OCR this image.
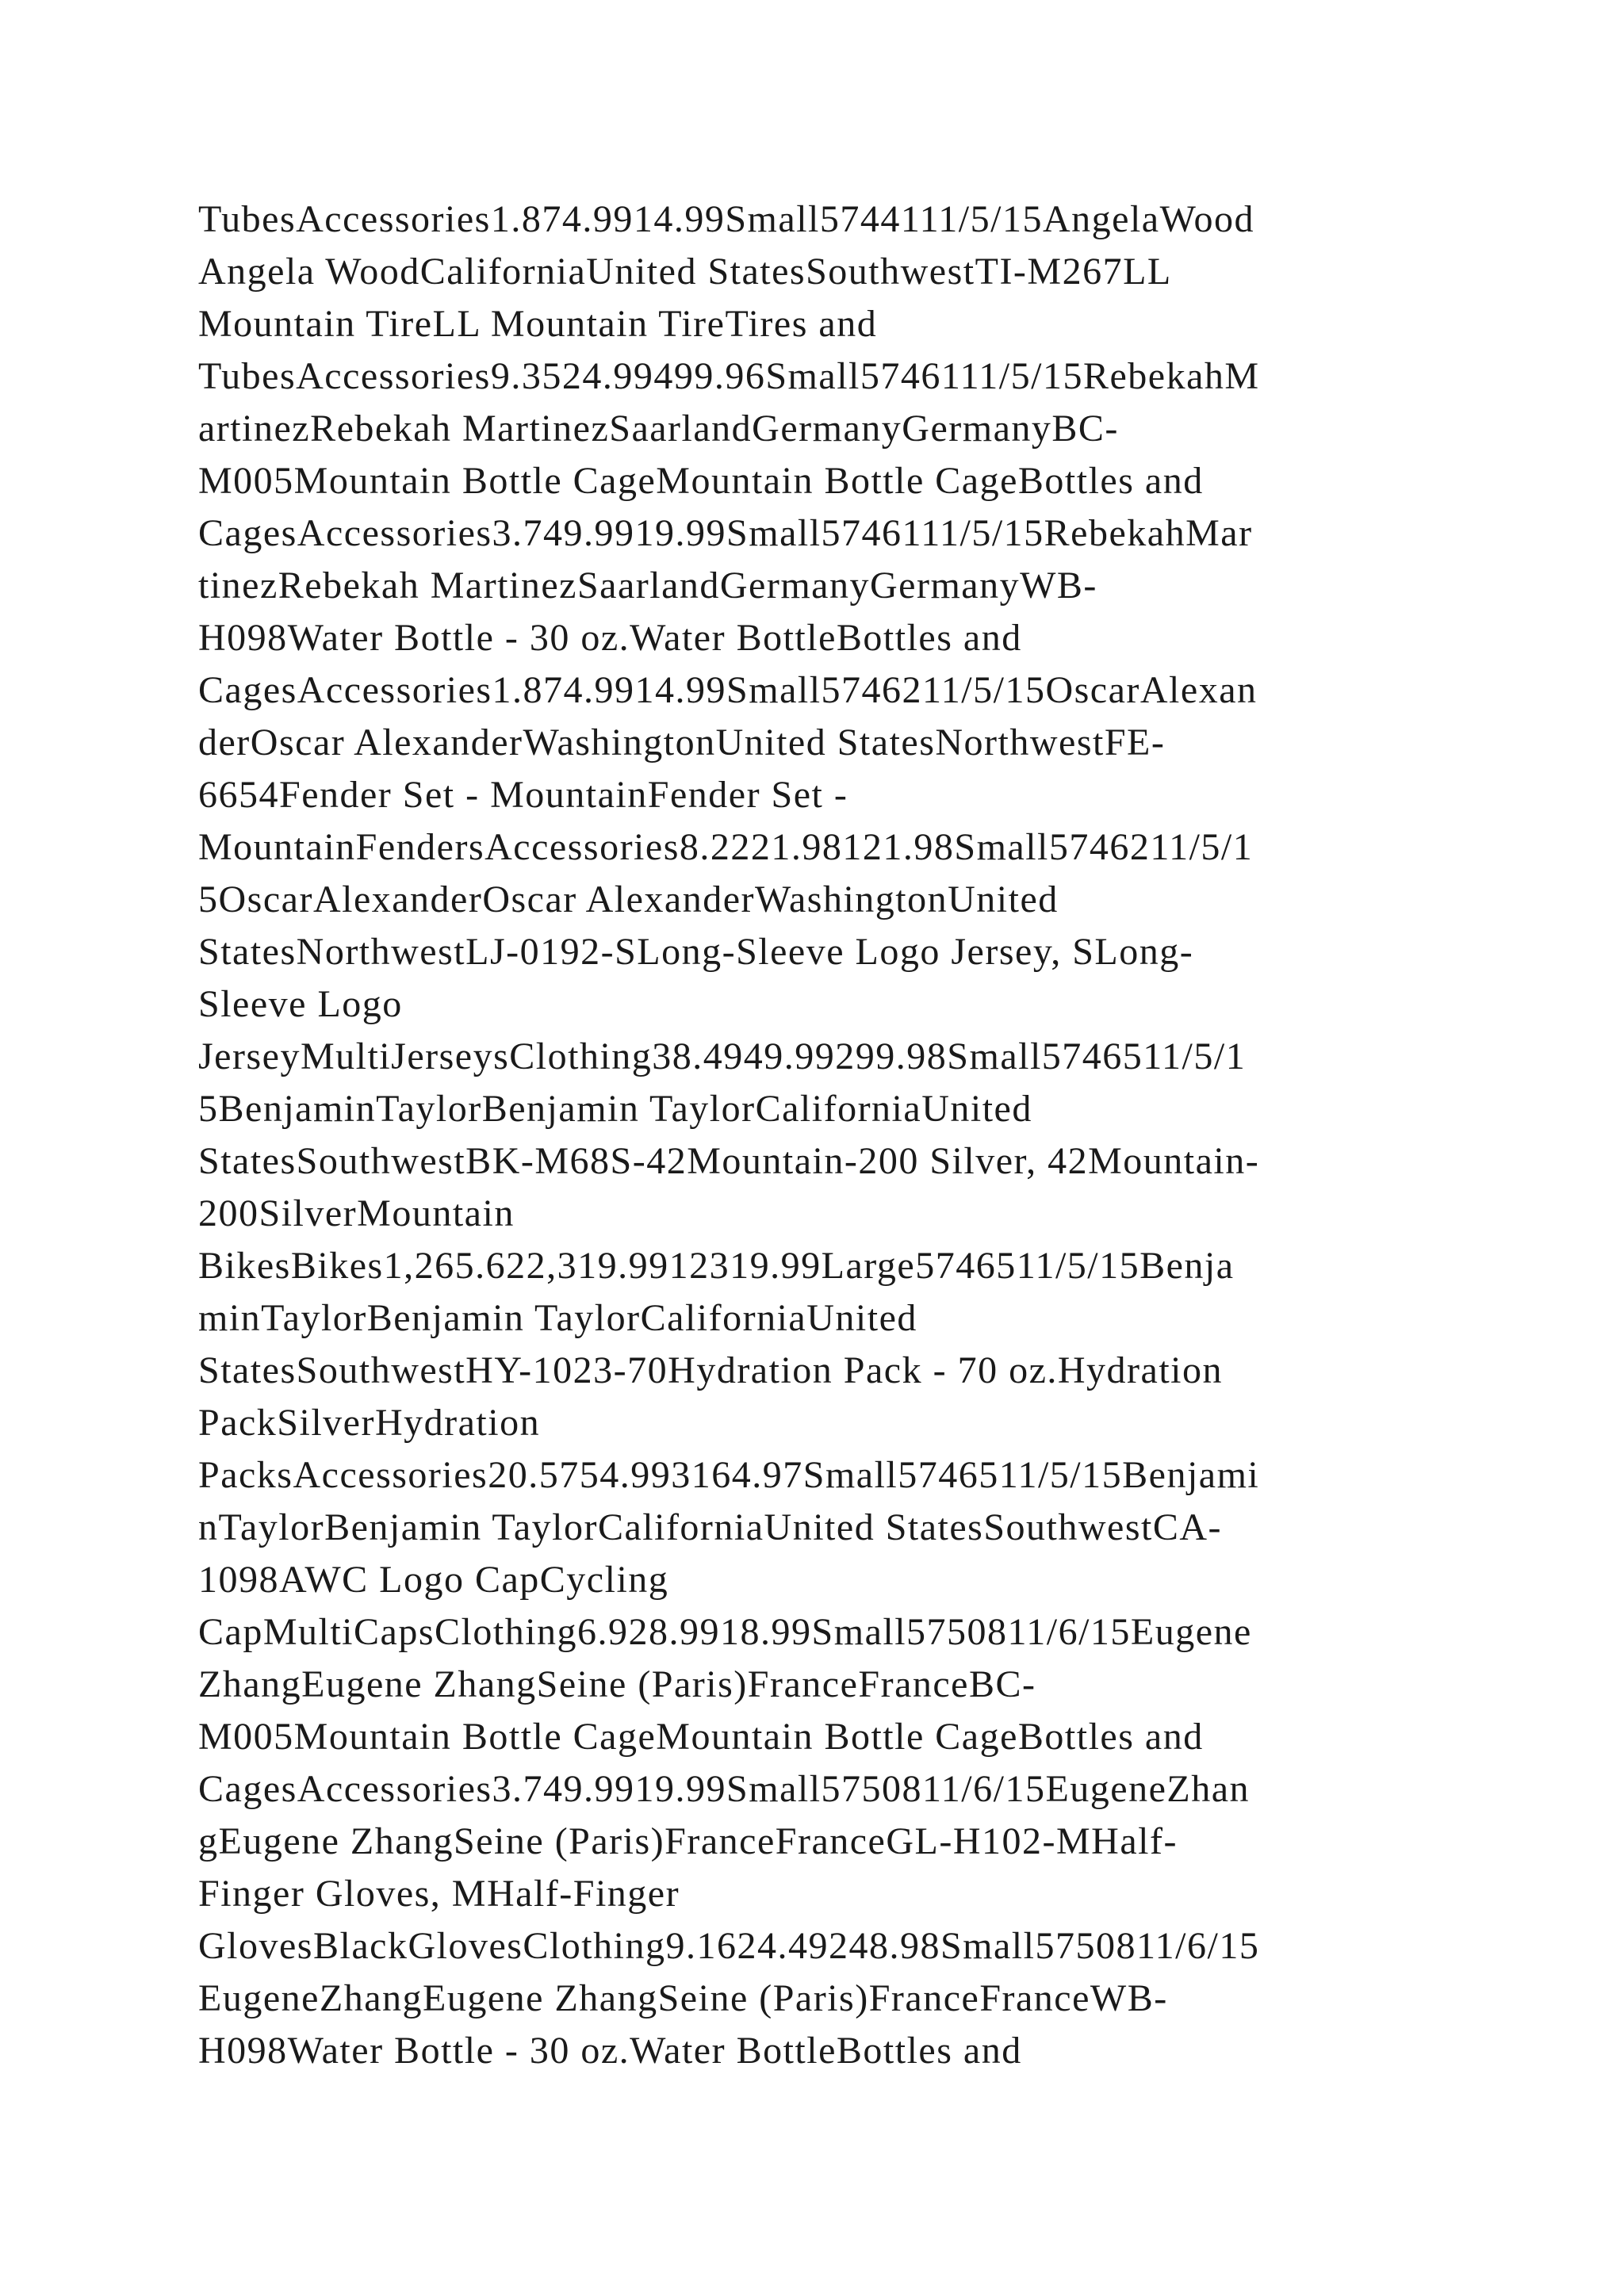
TubesAccessories1.874.9914.99Small5744111/5/15AngelaWood
Angela WoodCaliforniaUnited StatesSouthwestTI-M267LL
Mountain TireLL Mountain TireTires and
TubesAccessories9.3524.99499.96Small5746111/5/15RebekahM
artinezRebekah MartinezSaarlandGermanyGermanyBC-
M005Mountain Bottle CageMountain Bottle CageBottles and
CagesAccessories3.749.9919.99Small5746111/5/15RebekahMar
tinezRebekah MartinezSaarlandGermanyGermanyWB-
H098Water Bottle - 30 oz.Water BottleBottles and
CagesAccessories1.874.9914.99Small5746211/5/15OscarAlexan
derOscar AlexanderWashingtonUnited StatesNorthwestFE-
6654Fender Set - MountainFender Set -
MountainFendersAccessories8.2221.98121.98Small5746211/5/1
5OscarAlexanderOscar AlexanderWashingtonUnited
StatesNorthwestLJ-0192-SLong-Sleeve Logo Jersey, SLong-
Sleeve Logo
JerseyMultiJerseysClothing38.4949.99299.98Small5746511/5/1
5BenjaminTaylorBenjamin TaylorCaliforniaUnited
StatesSouthwestBK-M68S-42Mountain-200 Silver, 42Mountain-
200SilverMountain
BikesBikes1,265.622,319.9912319.99Large5746511/5/15Benja
minTaylorBenjamin TaylorCaliforniaUnited
StatesSouthwestHY-1023-70Hydration Pack - 70 oz.Hydration
PackSilverHydration
PacksAccessories20.5754.993164.97Small5746511/5/15Benjami
nTaylorBenjamin TaylorCaliforniaUnited StatesSouthwestCA-
1098AWC Logo CapCycling
CapMultiCapsClothing6.928.9918.99Small5750811/6/15Eugene
ZhangEugene ZhangSeine (Paris)FranceFranceBC-
M005Mountain Bottle CageMountain Bottle CageBottles and
CagesAccessories3.749.9919.99Small5750811/6/15EugeneZhan
gEugene ZhangSeine (Paris)FranceFranceGL-H102-MHalf-
Finger Gloves, MHalf-Finger
GlovesBlackGlovesClothing9.1624.49248.98Small5750811/6/15
EugeneZhangEugene ZhangSeine (Paris)FranceFranceWB-
H098Water Bottle - 30 oz.Water BottleBottles and
